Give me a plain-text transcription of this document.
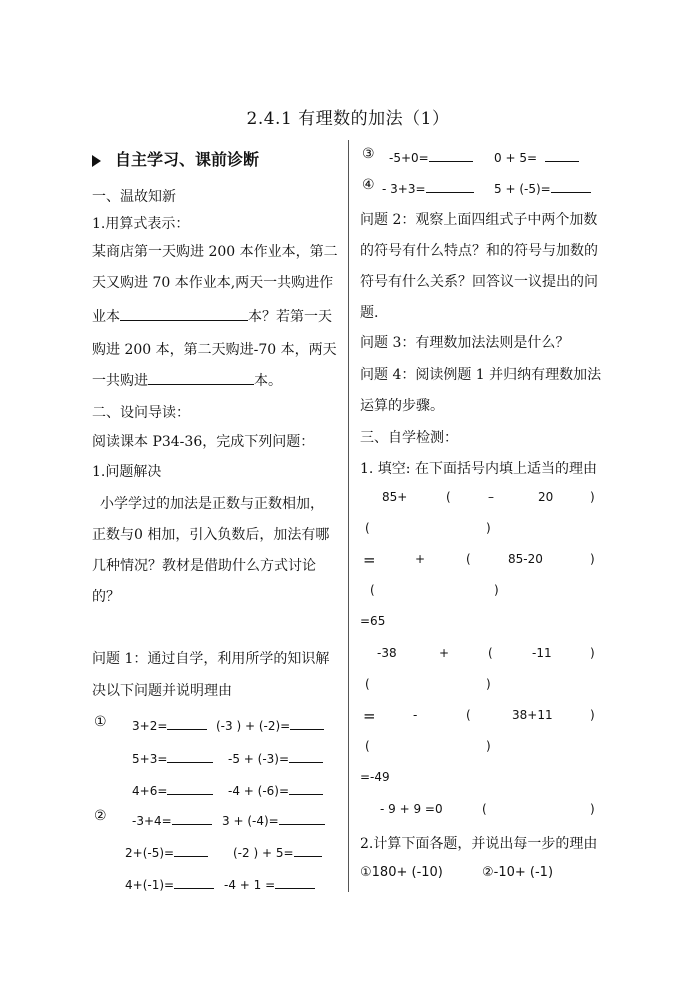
2.4.1 有理数的加法（1）
自主学习、课前诊断
一、温故知新
1.用算式表示：
某商店第一天购进 200 本作业本，第二
天又购进 70 本作业本,两天一共购进作
业本	本？若第一天
购进 200 本，第二天购进-70 本，两天
一共购进	本。
二、设问导读：
阅读课本 P34-36，完成下列问题：
1.问题解决
小学学过的加法是正数与正数相加，
正数与0 相加，引入负数后，加法有哪
几种情况？教材是借助什么方式讨论
的？
问题 1：通过自学，利用所学的知识解
决以下问题并说明理由
① 3+2=	(-3 ) + (-2)=
5+3=	-5 + (-3)=
4+6=	-4 + (-6)=
② -3+4=	3 + (-4)=
2+(-5)=	(-2 ) + 5=
4+(-1)=	-4 + 1 =
③ -5+0=	0 + 5=
④ - 3+3=	5 + (-5)=
问题 2：观察上面四组式子中两个加数
的符号有什么特点？和的符号与加数的
符号有什么关系？回答议一议提出的问
题.
问题 3：有理数加法法则是什么？
问题 4：阅读例题 1 并归纳有理数加法
运算的步骤。
三、自学检测：
1. 填空: 在下面括号内填上适当的理由
85+	(	–	20	)
(	)
=	+	(	85-20	)
(	)
=65
-38	+	(	-11	)
(	)
=	-	(	38+11	)
(	)
=-49
- 9 + 9 =0	(	)
2.计算下面各题，并说出每一步的理由
①180+ (-10)	②-10+ (-1)
